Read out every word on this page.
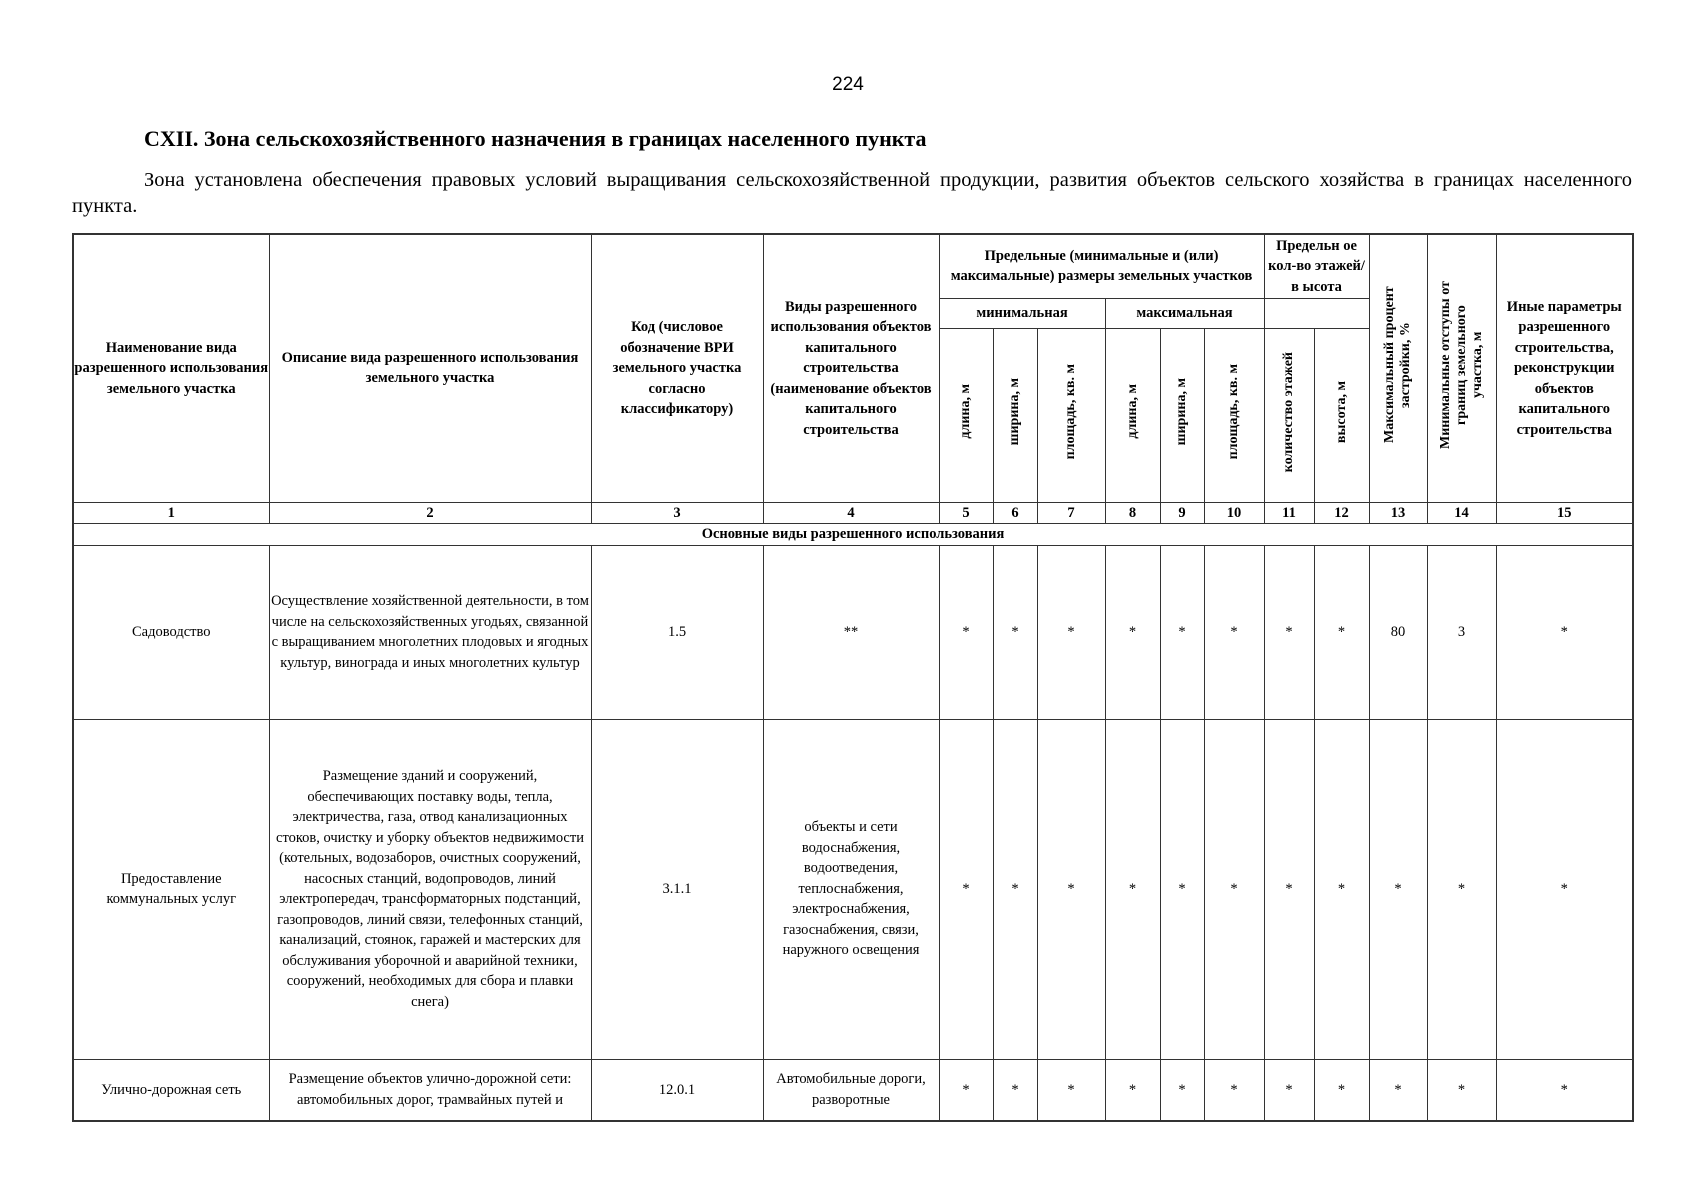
224
CXII. Зона сельскохозяйственного назначения в границах населенного пункта
Зона установлена обеспечения правовых условий выращивания сельскохозяйственной продукции, развития объектов сельского хозяйства в границах населенного пункта.
Наименование вида разрешенного использования земельного участка	Описание вида разрешенного использования земельного участка	Код (числовое обозначение ВРИ земельного участка согласно классификатору)	Виды разрешенного использования объектов капитального строительства (наименование объектов капитального строительства	Предельные (минимальные и (или) максимальные) размеры земельных участков						Предельн ое кол-во этажей/в ысота		Максимальный процент застройки, %	Минимальные отступы от границ земельного участка, м	Иные параметры разрешенного строительства, реконструкции объектов капитального строительства
				минимальная			максимальная							
				длина, м	ширина, м	площадь, кв. м	длина, м	ширина, м	площадь, кв. м	количество этажей	высота, м			
1	2	3	4	5	6	7	8	9	10	11	12	13	14	15
Основные виды разрешенного использования														
Садоводство	Осуществление хозяйственной деятельности, в том числе на сельскохозяйственных угодьях, связанной с выращиванием многолетних плодовых и ягодных культур, винограда и иных многолетних культур	1.5	**	*	*	*	*	*	*	*	*	80	3	*
Предоставление коммунальных услуг	Размещение зданий и сооружений, обеспечивающих поставку воды, тепла, электричества, газа, отвод канализационных стоков, очистку и уборку объектов недвижимости (котельных, водозаборов, очистных сооружений, насосных станций, водопроводов, линий электропередач, трансформаторных подстанций, газопроводов, линий связи, телефонных станций, канализаций, стоянок, гаражей и мастерских для обслуживания уборочной и аварийной техники, сооружений, необходимых для сбора и плавки снега)	3.1.1	объекты и сети водоснабжения, водоотведения, теплоснабжения, электроснабжения, газоснабжения, связи, наружного освещения	*	*	*	*	*	*	*	*	*	*	*
Улично-дорожная сеть	Размещение объектов улично-дорожной сети: автомобильных дорог, трамвайных путей и	12.0.1	Автомобильные дороги, разворотные	*	*	*	*	*	*	*	*	*	*	*
